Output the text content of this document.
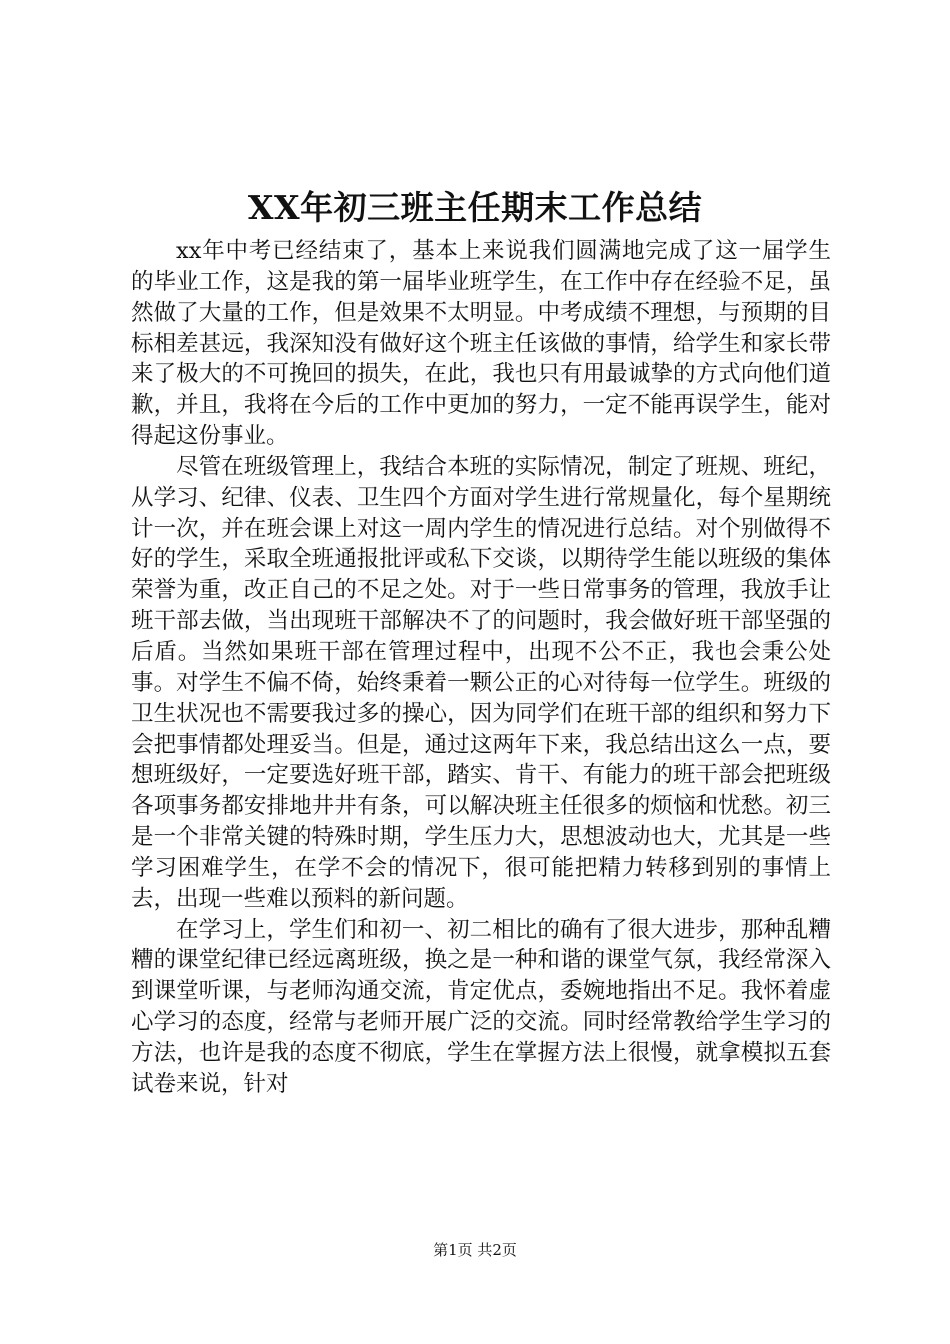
XX年初三班主任期末工作总结

xx年中考已经结束了，基本上来说我们圆满地完成了这一届学生的毕业工作，这是我的第一届毕业班学生，在工作中存在经验不足，虽然做了大量的工作，但是效果不太明显。中考成绩不理想，与预期的目标相差甚远，我深知没有做好这个班主任该做的事情，给学生和家长带来了极大的不可挽回的损失，在此，我也只有用最诚挚的方式向他们道歉，并且，我将在今后的工作中更加的努力，一定不能再误学生，能对得起这份事业。

尽管在班级管理上，我结合本班的实际情况，制定了班规、班纪，从学习、纪律、仪表、卫生四个方面对学生进行常规量化，每个星期统计一次，并在班会课上对这一周内学生的情况进行总结。对个别做得不好的学生，采取全班通报批评或私下交谈，以期待学生能以班级的集体荣誉为重，改正自己的不足之处。对于一些日常事务的管理，我放手让班干部去做，当出现班干部解决不了的问题时，我会做好班干部坚强的后盾。当然如果班干部在管理过程中，出现不公不正，我也会秉公处事。对学生不偏不倚，始终秉着一颗公正的心对待每一位学生。班级的卫生状况也不需要我过多的操心，因为同学们在班干部的组织和努力下会把事情都处理妥当。但是，通过这两年下来，我总结出这么一点，要想班级好，一定要选好班干部，踏实、肯干、有能力的班干部会把班级各项事务都安排地井井有条，可以解决班主任很多的烦恼和忧愁。初三是一个非常关键的特殊时期，学生压力大，思想波动也大，尤其是一些学习困难学生，在学不会的情况下，很可能把精力转移到别的事情上去，出现一些难以预料的新问题。

在学习上，学生们和初一、初二相比的确有了很大进步，那种乱糟糟的课堂纪律已经远离班级，换之是一种和谐的课堂气氛，我经常深入到课堂听课，与老师沟通交流，肯定优点，委婉地指出不足。我怀着虚心学习的态度，经常与老师开展广泛的交流。同时经常教给学生学习的方法，也许是我的态度不彻底，学生在掌握方法上很慢，就拿模拟五套试卷来说，针对

第1页 共2页
